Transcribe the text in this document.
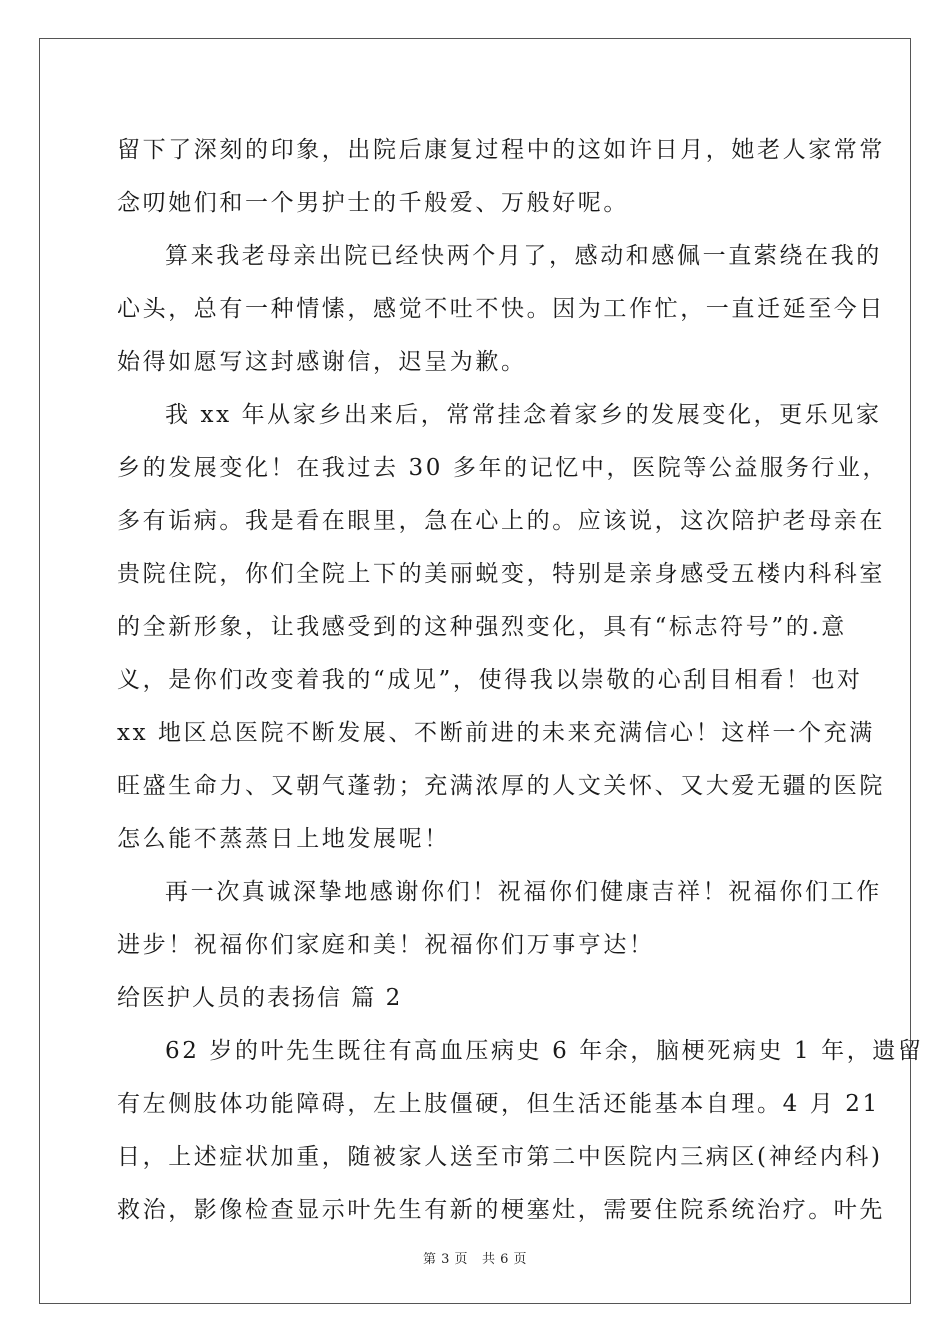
留下了深刻的印象，出院后康复过程中的这如许日月，她老人家常常
念叨她们和一个男护士的千般爱、万般好呢。
算来我老母亲出院已经快两个月了，感动和感佩一直萦绕在我的
心头，总有一种情愫，感觉不吐不快。因为工作忙，一直迁延至今日
始得如愿写这封感谢信，迟呈为歉。
我 xx 年从家乡出来后，常常挂念着家乡的发展变化，更乐见家
乡的发展变化！在我过去 30 多年的记忆中，医院等公益服务行业，
多有诟病。我是看在眼里，急在心上的。应该说，这次陪护老母亲在
贵院住院，你们全院上下的美丽蜕变，特别是亲身感受五楼内科科室
的全新形象，让我感受到的这种强烈变化，具有“标志符号”的.意
义，是你们改变着我的“成见”，使得我以崇敬的心刮目相看！也对
xx 地区总医院不断发展、不断前进的未来充满信心！这样一个充满
旺盛生命力、又朝气蓬勃；充满浓厚的人文关怀、又大爱无疆的医院
怎么能不蒸蒸日上地发展呢！
再一次真诚深挚地感谢你们！祝福你们健康吉祥！祝福你们工作
进步！祝福你们家庭和美！祝福你们万事亨达！
给医护人员的表扬信 篇 2
62 岁的叶先生既往有高血压病史 6 年余，脑梗死病史 1 年，遗留
有左侧肢体功能障碍，左上肢僵硬，但生活还能基本自理。4 月 21
日，上述症状加重，随被家人送至市第二中医院内三病区(神经内科)
救治，影像检查显示叶先生有新的梗塞灶，需要住院系统治疗。叶先
第 3 页 共 6 页
